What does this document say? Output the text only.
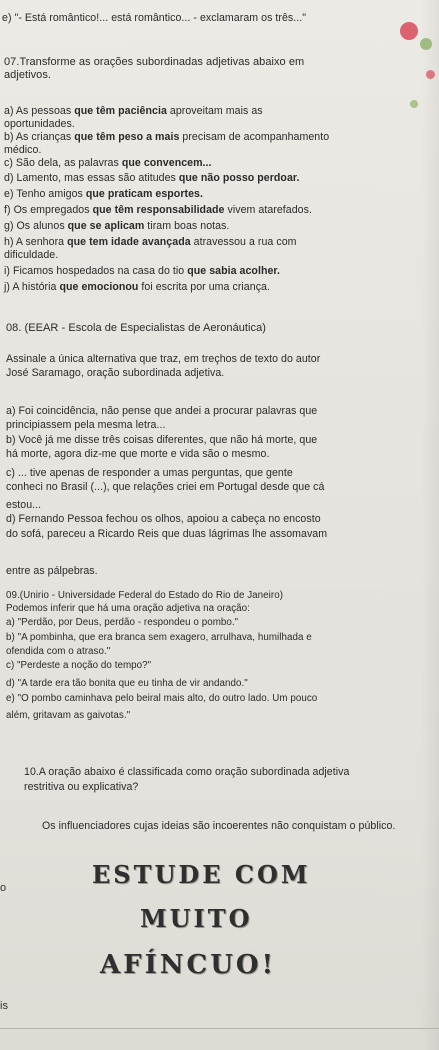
e) "- Está romântico!... está romântico... - exclamaram os três..."
07.Transforme as orações subordinadas adjetivas abaixo em
adjetivos.
a) As pessoas que têm paciência aproveitam mais as
oportunidades.
b) As crianças que têm peso a mais precisam de acompanhamento
médico.
c) São dela, as palavras que convencem...
d) Lamento, mas essas são atitudes que não posso perdoar.
e) Tenho amigos que praticam esportes.
f) Os empregados que têm responsabilidade vivem atarefados.
g) Os alunos que se aplicam tiram boas notas.
h) A senhora que tem idade avançada atravessou a rua com
dificuldade.
i) Ficamos hospedados na casa do tio que sabia acolher.
j) A história que emocionou foi escrita por uma criança.
08. (EEAR - Escola de Especialistas de Aeronáutica)
Assinale a única alternativa que traz, em treçhos de texto do autor
José Saramago, oração subordinada adjetiva.
a) Foi coincidência, não pense que andei a procurar palavras que
principiassem pela mesma letra...
b) Você já me disse três coisas diferentes, que não há morte, que
há morte, agora diz-me que morte e vida são o mesmo.
c) ... tive apenas de responder a umas perguntas, que gente
conheci no Brasil (...), que relações criei em Portugal desde que cá
estou...
d) Fernando Pessoa fechou os olhos, apoiou a cabeça no encosto
do sofá, pareceu a Ricardo Reis que duas lágrimas lhe assomavam
entre as pálpebras.
09.(Unirio - Universidade Federal do Estado do Rio de Janeiro)
Podemos inferir que há uma oração adjetiva na oração:
a) "Perdão, por Deus, perdão - respondeu o pombo."
b) "A pombinha, que era branca sem exagero, arrulhava, humilhada e
ofendida com o atraso."
c) "Perdeste a noção do tempo?"
d) "A tarde era tão bonita que eu tinha de vir andando."
e) "O pombo caminhava pelo beiral mais alto, do outro lado. Um pouco
além, gritavam as gaivotas."
10.A oração abaixo é classificada como oração subordinada adjetiva
restritiva ou explicativa?
Os influenciadores cujas ideias são incoerentes não conquistam o público.
ESTUDE COM
MUITO
AFÍNCUO!
o
is
